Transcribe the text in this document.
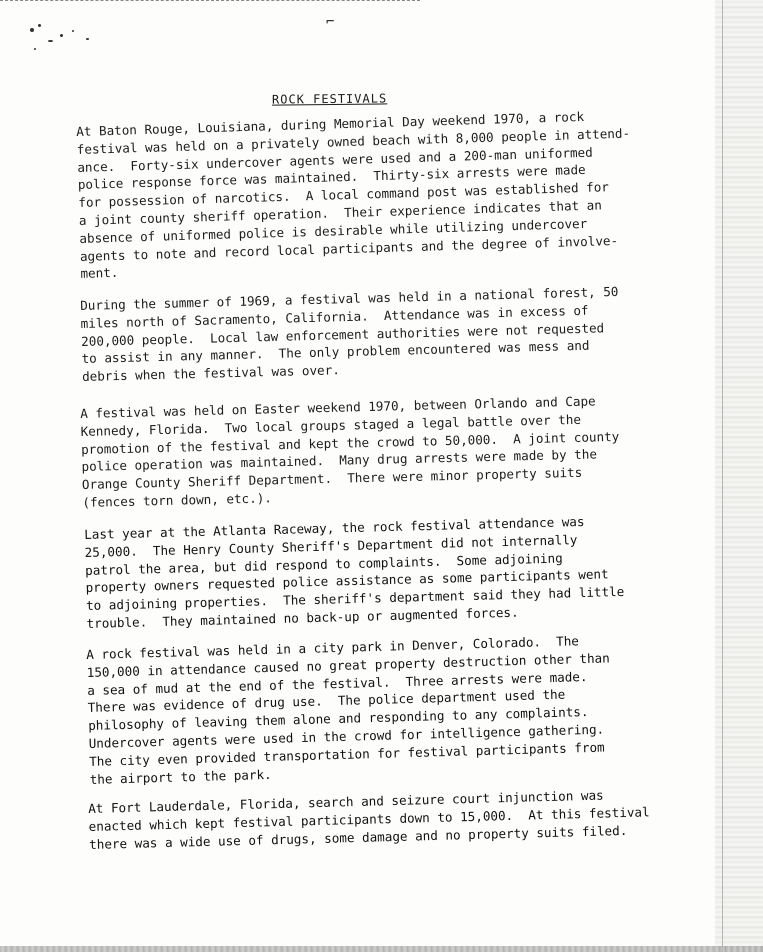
⌐
ROCK FESTIVALS

At Baton Rouge, Louisiana, during Memorial Day weekend 1970, a rock
festival was held on a privately owned beach with 8,000 people in attend-
ance.  Forty-six undercover agents were used and a 200-man uniformed
police response force was maintained.  Thirty-six arrests were made
for possession of narcotics.  A local command post was established for
a joint county sheriff operation.  Their experience indicates that an
absence of uniformed police is desirable while utilizing undercover
agents to note and record local participants and the degree of involve-
ment.

During the summer of 1969, a festival was held in a national forest, 50
miles north of Sacramento, California.  Attendance was in excess of
200,000 people.  Local law enforcement authorities were not requested
to assist in any manner.  The only problem encountered was mess and
debris when the festival was over.

A festival was held on Easter weekend 1970, between Orlando and Cape
Kennedy, Florida.  Two local groups staged a legal battle over the
promotion of the festival and kept the crowd to 50,000.  A joint county
police operation was maintained.  Many drug arrests were made by the
Orange County Sheriff Department.  There were minor property suits
(fences torn down, etc.).

Last year at the Atlanta Raceway, the rock festival attendance was
25,000.  The Henry County Sheriff's Department did not internally
patrol the area, but did respond to complaints.  Some adjoining
property owners requested police assistance as some participants went
to adjoining properties.  The sheriff's department said they had little
trouble.  They maintained no back-up or augmented forces.

A rock festival was held in a city park in Denver, Colorado.  The
150,000 in attendance caused no great property destruction other than
a sea of mud at the end of the festival.  Three arrests were made.
There was evidence of drug use.  The police department used the
philosophy of leaving them alone and responding to any complaints.
Undercover agents were used in the crowd for intelligence gathering.
The city even provided transportation for festival participants from
the airport to the park.

At Fort Lauderdale, Florida, search and seizure court injunction was
enacted which kept festival participants down to 15,000.  At this festival
there was a wide use of drugs, some damage and no property suits filed.
